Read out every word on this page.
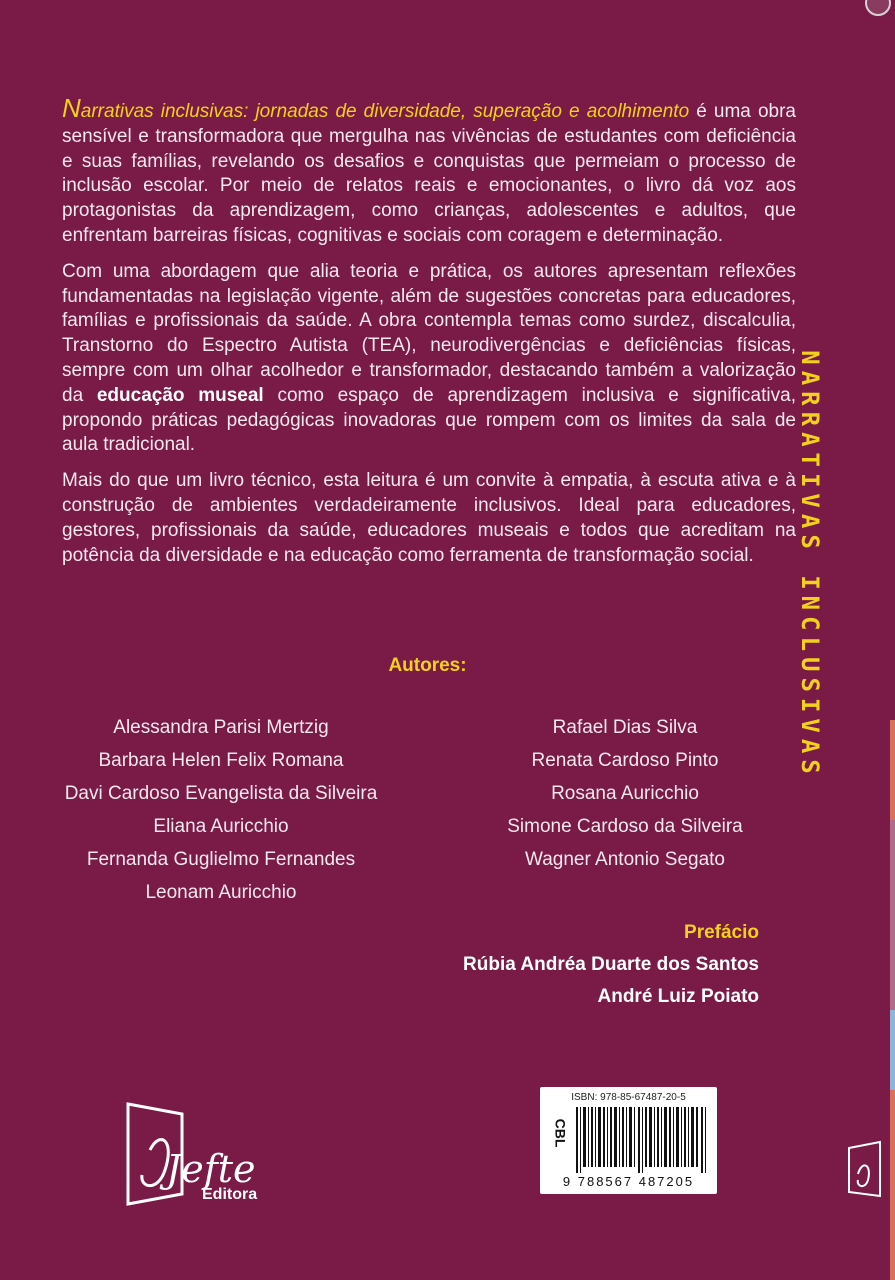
Narrativas inclusivas: jornadas de diversidade, superação e acolhimento é uma obra sensível e transformadora que mergulha nas vivências de estudantes com deficiência e suas famílias, revelando os desafios e conquistas que permeiam o processo de inclusão escolar. Por meio de relatos reais e emocionantes, o livro dá voz aos protagonistas da aprendizagem, como crianças, adolescentes e adultos, que enfrentam barreiras físicas, cognitivas e sociais com coragem e determinação.

Com uma abordagem que alia teoria e prática, os autores apresentam reflexões fundamentadas na legislação vigente, além de sugestões concretas para educadores, famílias e profissionais da saúde. A obra contempla temas como surdez, discalculia, Transtorno do Espectro Autista (TEA), neurodivergências e deficiências físicas, sempre com um olhar acolhedor e transformador, destacando também a valorização da educação museal como espaço de aprendizagem inclusiva e significativa, propondo práticas pedagógicas inovadoras que rompem com os limites da sala de aula tradicional.

Mais do que um livro técnico, esta leitura é um convite à empatia, à escuta ativa e à construção de ambientes verdadeiramente inclusivos. Ideal para educadores, gestores, profissionais da saúde, educadores museais e todos que acreditam na potência da diversidade e na educação como ferramenta de transformação social.	NARRATIVAS INCLUSIVAS
Autores:
Alessandra Parisi Mertzig
Barbara Helen Felix Romana
Davi Cardoso Evangelista da Silveira
Eliana Auricchio
Fernanda Guglielmo Fernandes
Leonam Auricchio
Rafael Dias Silva
Renata Cardoso Pinto
Rosana Auricchio
Simone Cardoso da Silveira
Wagner Antonio Segato
Prefácio
Rúbia Andréa Duarte dos Santos
André Luiz Poiato
Jefte
Editora
ISBN: 978-85-67487-20-5
CBL
9 788567 487205
